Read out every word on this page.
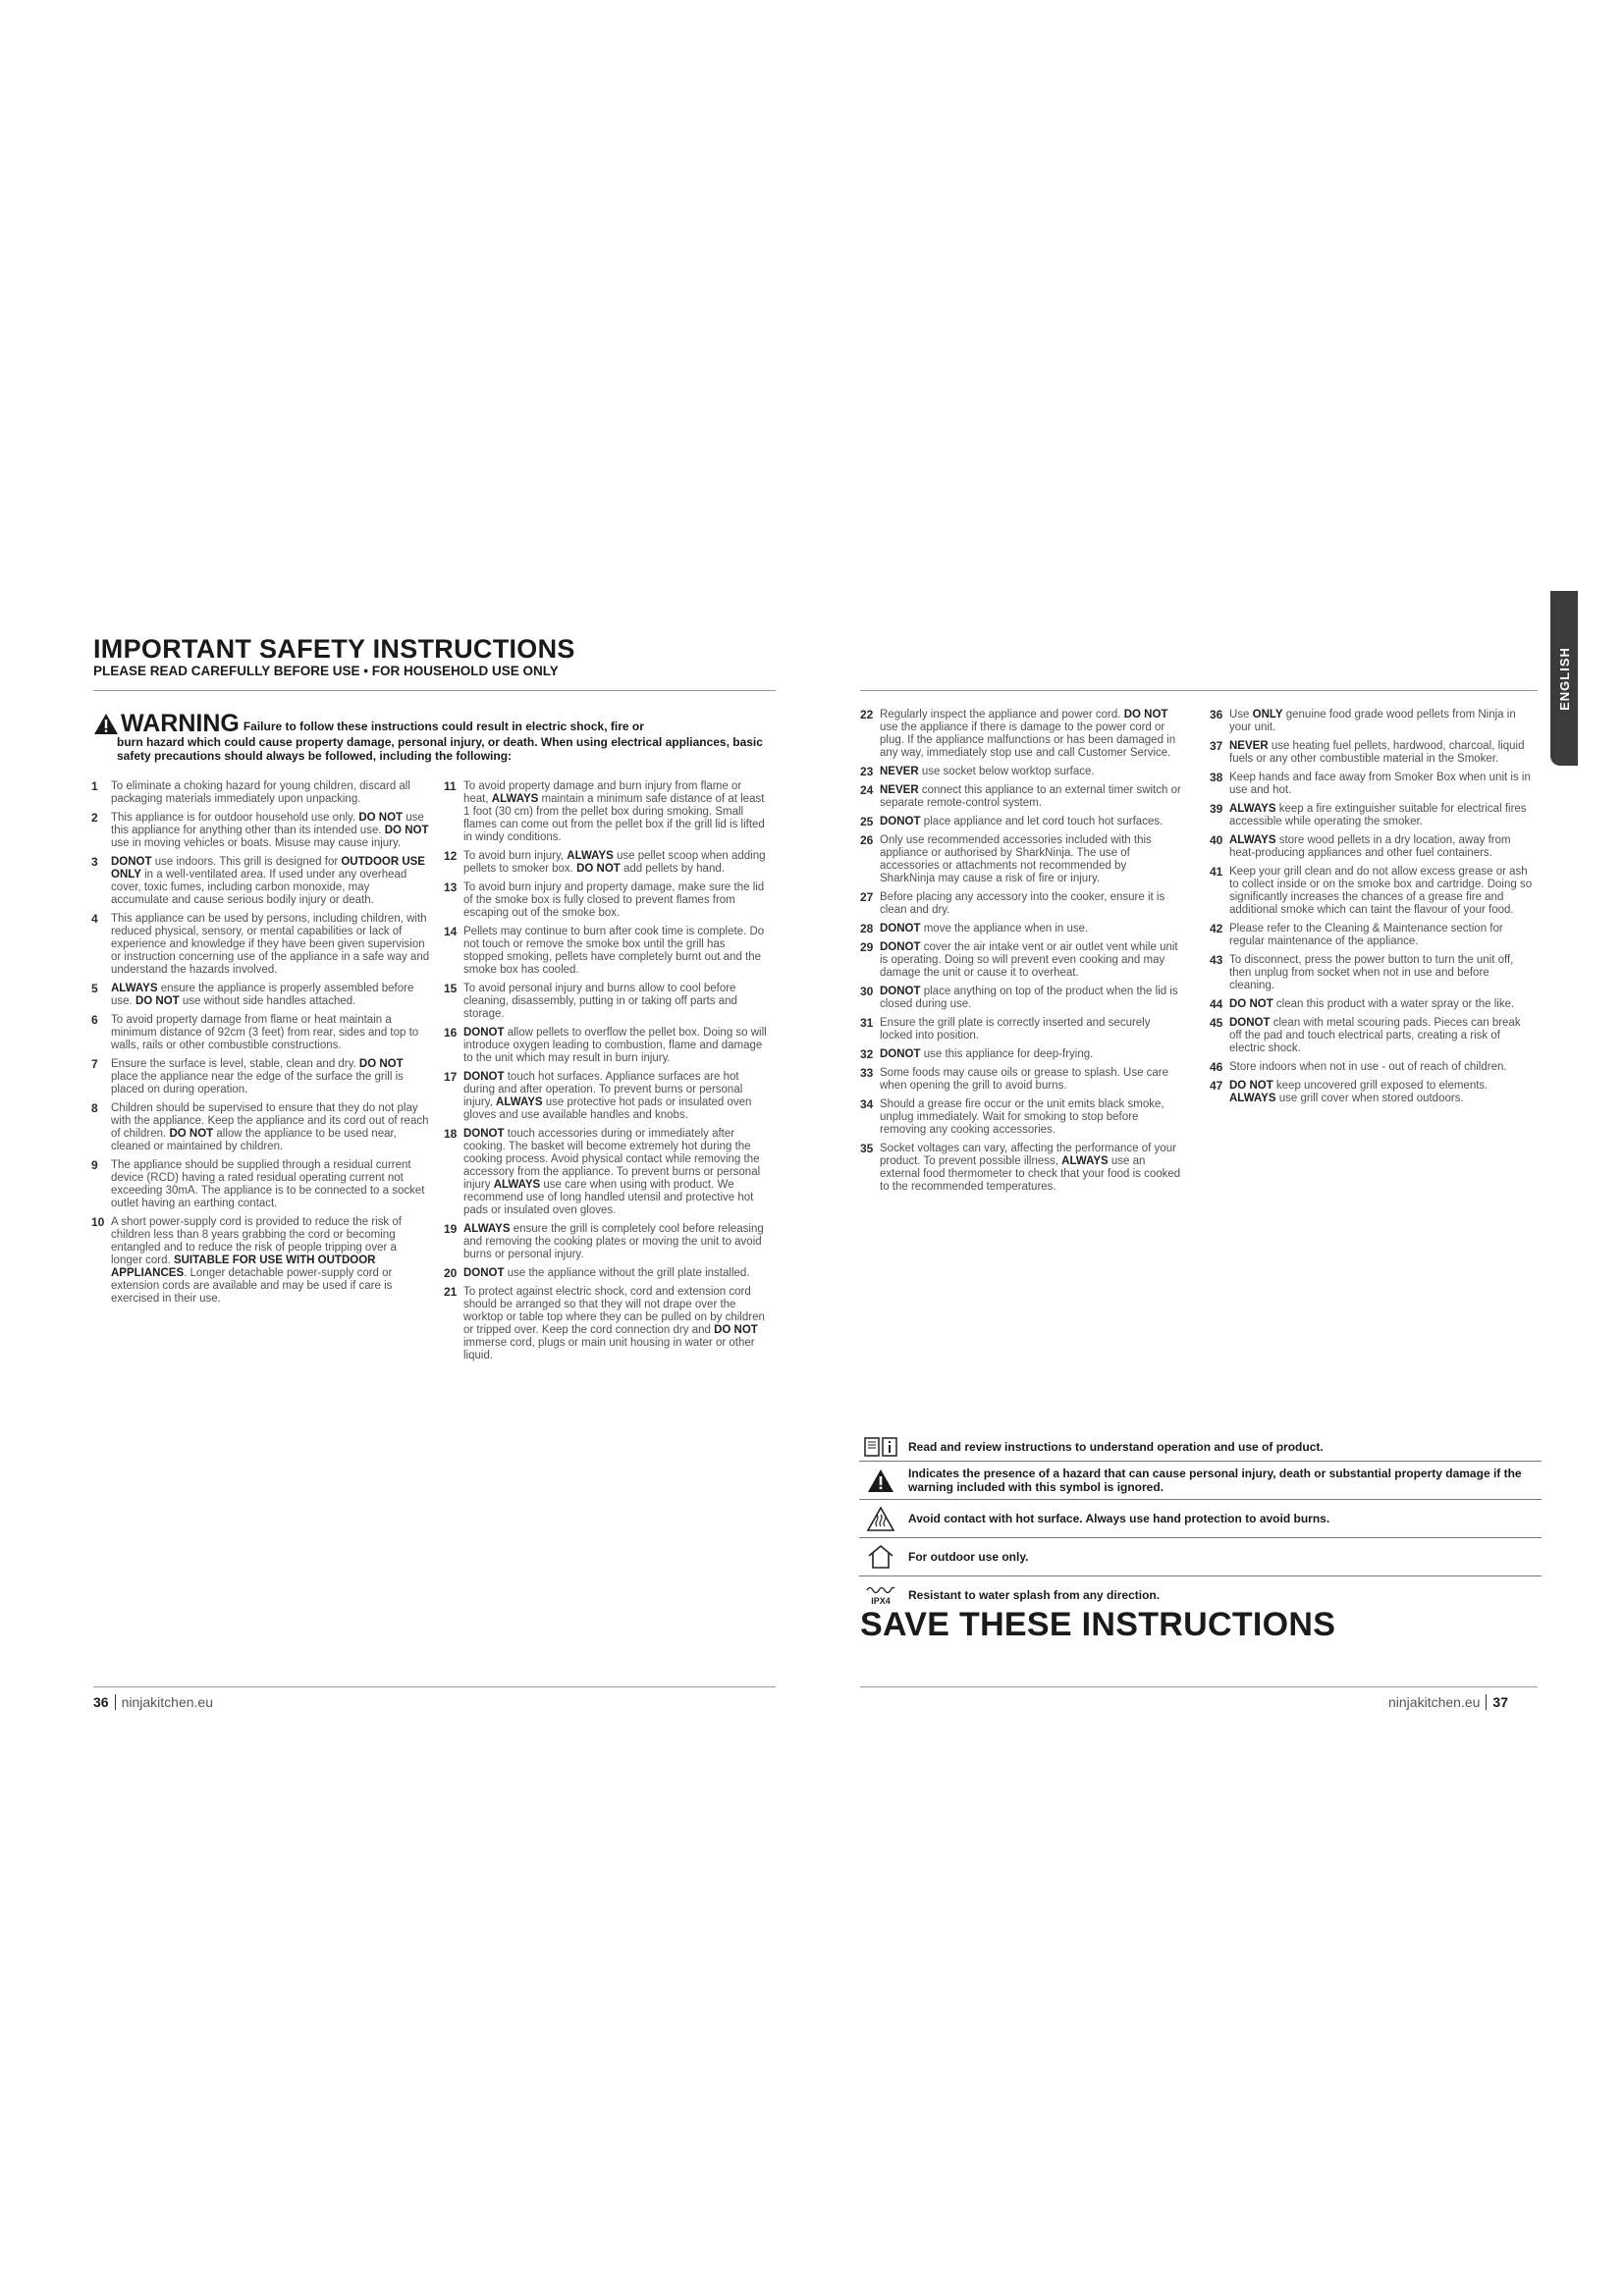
IMPORTANT SAFETY INSTRUCTIONS
PLEASE READ CAREFULLY BEFORE USE • FOR HOUSEHOLD USE ONLY
WARNING Failure to follow these instructions could result in electric shock, fire or
burn hazard which could cause property damage, personal injury, or death. When using electrical appliances, basic safety precautions should always be followed, including the following:
1	To eliminate a choking hazard for young children, discard all packaging materials immediately upon unpacking.
2	This appliance is for outdoor household use only. DO NOT use this appliance for anything other than its intended use. DO NOT use in moving vehicles or boats. Misuse may cause injury.
3	DONOT use indoors. This grill is designed for OUTDOOR USE ONLY in a well-ventilated area. If used under any overhead cover, toxic fumes, including carbon monoxide, may accumulate and cause serious bodily injury or death.
4	This appliance can be used by persons, including children, with reduced physical, sensory, or mental capabilities or lack of experience and knowledge if they have been given supervision or instruction concerning use of the appliance in a safe way and understand the hazards involved.
5	ALWAYS ensure the appliance is properly assembled before use. DO NOT use without side handles attached.
6	To avoid property damage from flame or heat maintain a minimum distance of 92cm (3 feet) from rear, sides and top to walls, rails or other combustible constructions.
7	Ensure the surface is level, stable, clean and dry. DO NOT place the appliance near the edge of the surface the grill is placed on during operation.
8	Children should be supervised to ensure that they do not play with the appliance. Keep the appliance and its cord out of reach of children. DO NOT allow the appliance to be used near, cleaned or maintained by children.
9	The appliance should be supplied through a residual current device (RCD) having a rated residual operating current not exceeding 30mA. The appliance is to be connected to a socket outlet having an earthing contact.
10 A short power-supply cord is provided to reduce the risk of children less than 8 years grabbing the cord or becoming entangled and to reduce the risk of people tripping over a longer cord. SUITABLE FOR USE WITH OUTDOOR APPLIANCES. Longer detachable power-supply cord or extension cords are available and may be used if care is exercised in their use.
11 To avoid property damage and burn injury from flame or heat, ALWAYS maintain a minimum safe distance of at least 1 foot (30 cm) from the pellet box during smoking. Small flames can come out from the pellet box if the grill lid is lifted in windy conditions.
12 To avoid burn injury, ALWAYS use pellet scoop when adding pellets to smoker box. DO NOT add pellets by hand.
13 To avoid burn injury and property damage, make sure the lid of the smoke box is fully closed to prevent flames from escaping out of the smoke box.
14 Pellets may continue to burn after cook time is complete. Do not touch or remove the smoke box until the grill has stopped smoking, pellets have completely burnt out and the smoke box has cooled.
15 To avoid personal injury and burns allow to cool before cleaning, disassembly, putting in or taking off parts and storage.
16 DONOT allow pellets to overflow the pellet box. Doing so will introduce oxygen leading to combustion, flame and damage to the unit which may result in burn injury.
17 DONOT touch hot surfaces. Appliance surfaces are hot during and after operation. To prevent burns or personal injury, ALWAYS use protective hot pads or insulated oven gloves and use available handles and knobs.
18 DONOT touch accessories during or immediately after cooking. The basket will become extremely hot during the cooking process. Avoid physical contact while removing the accessory from the appliance. To prevent burns or personal injury ALWAYS use care when using with product. We recommend use of long handled utensil and protective hot pads or insulated oven gloves.
19 ALWAYS ensure the grill is completely cool before releasing and removing the cooking plates or moving the unit to avoid burns or personal injury.
20 DONOT use the appliance without the grill plate installed.
21 To protect against electric shock, cord and extension cord should be arranged so that they will not drape over the worktop or table top where they can be pulled on by children or tripped over. Keep the cord connection dry and DO NOT immerse cord, plugs or main unit housing in water or other liquid.
22 Regularly inspect the appliance and power cord. DO NOT use the appliance if there is damage to the power cord or plug. If the appliance malfunctions or has been damaged in any way, immediately stop use and call Customer Service.
23 NEVER use socket below worktop surface.
24 NEVER connect this appliance to an external timer switch or separate remote-control system.
25 DONOT place appliance and let cord touch hot surfaces.
26 Only use recommended accessories included with this appliance or authorised by SharkNinja. The use of accessories or attachments not recommended by SharkNinja may cause a risk of fire or injury.
27 Before placing any accessory into the cooker, ensure it is clean and dry.
28 DONOT move the appliance when in use.
29 DONOT cover the air intake vent or air outlet vent while unit is operating. Doing so will prevent even cooking and may damage the unit or cause it to overheat.
30 DONOT place anything on top of the product when the lid is closed during use.
31 Ensure the grill plate is correctly inserted and securely locked into position.
32 DONOT use this appliance for deep-frying.
33 Some foods may cause oils or grease to splash. Use care when opening the grill to avoid burns.
34 Should a grease fire occur or the unit emits black smoke, unplug immediately. Wait for smoking to stop before removing any cooking accessories.
35 Socket voltages can vary, affecting the performance of your product. To prevent possible illness, ALWAYS use an external food thermometer to check that your food is cooked to the recommended temperatures.
36 Use ONLY genuine food grade wood pellets from Ninja in your unit.
37 NEVER use heating fuel pellets, hardwood, charcoal, liquid fuels or any other combustible material in the Smoker.
38 Keep hands and face away from Smoker Box when unit is in use and hot.
39 ALWAYS keep a fire extinguisher suitable for electrical fires accessible while operating the smoker.
40 ALWAYS store wood pellets in a dry location, away from heat-producing appliances and other fuel containers.
41 Keep your grill clean and do not allow excess grease or ash to collect inside or on the smoke box and cartridge. Doing so significantly increases the chances of a grease fire and additional smoke which can taint the flavour of your food.
42 Please refer to the Cleaning & Maintenance section for regular maintenance of the appliance.
43 To disconnect, press the power button to turn the unit off, then unplug from socket when not in use and before cleaning.
44 DO NOT clean this product with a water spray or the like.
45 DONOT clean with metal scouring pads. Pieces can break off the pad and touch electrical parts, creating a risk of electric shock.
46 Store indoors when not in use - out of reach of children.
47 DO NOT keep uncovered grill exposed to elements. ALWAYS use grill cover when stored outdoors.
Read and review instructions to understand operation and use of product.
Indicates the presence of a hazard that can cause personal injury, death or substantial property damage if the warning included with this symbol is ignored.
Avoid contact with hot surface. Always use hand protection to avoid burns.
For outdoor use only.
IPX4	Resistant to water splash from any direction.
SAVE THESE INSTRUCTIONS
36 ninjakitchen.eu	ninjakitchen.eu 37
ENGLISH
